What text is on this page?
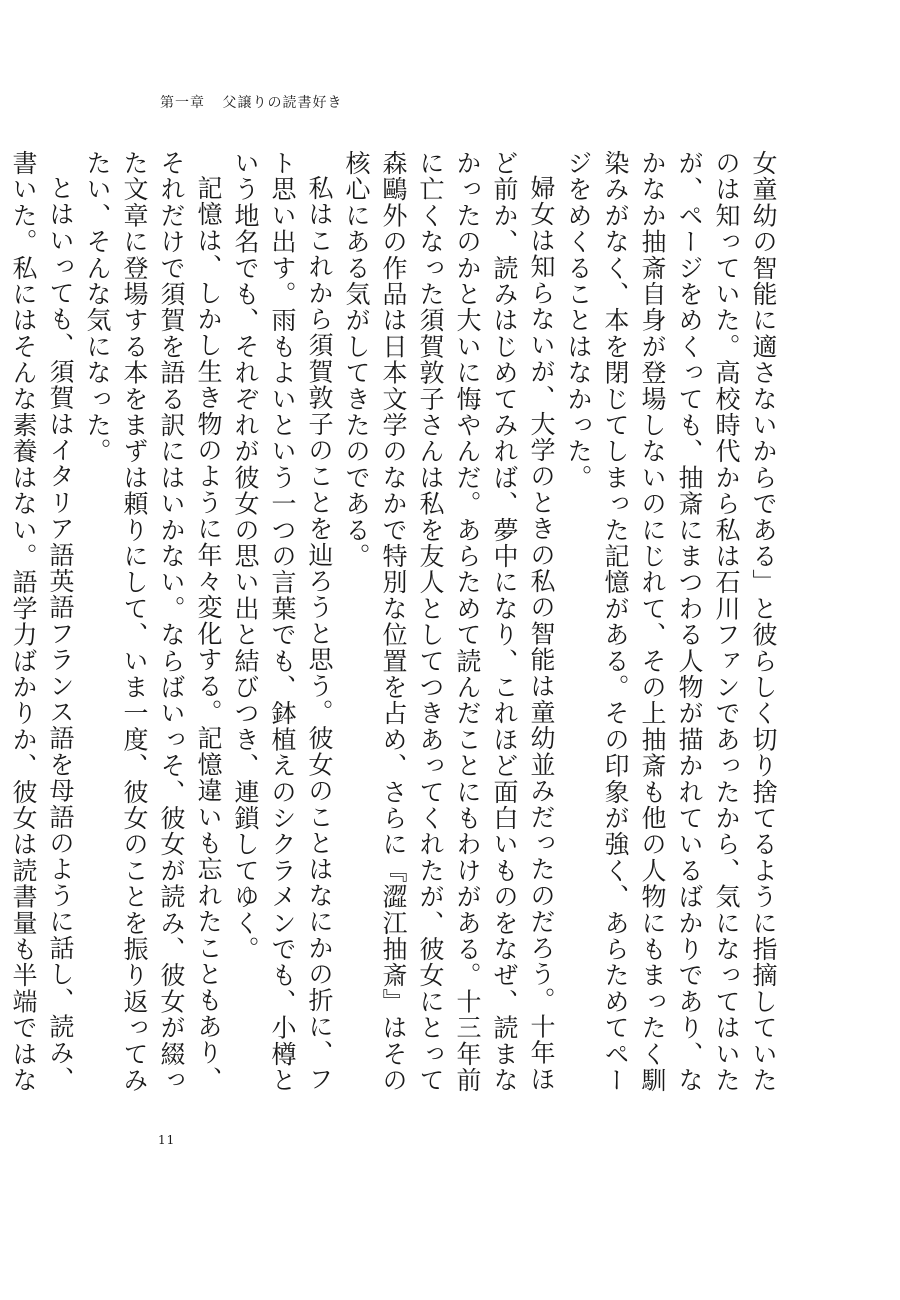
第一章 父譲りの読書好き

女童幼の智能に適さないからである」と彼らしく切り捨てるように指摘していたのは知っていた。高校時代から私は石川ファンであったから、気になってはいたが、ページをめくっても、抽斎にまつわる人物が描かれているばかりであり、なかなか抽斎自身が登場しないのにじれて、その上抽斎も他の人物にもまったく馴染みがなく、本を閉じてしまった記憶がある。その印象が強く、あらためてページをめくることはなかった。

婦女は知らないが、大学のときの私の智能は童幼並みだったのだろう。十年ほど前か、読みはじめてみれば、夢中になり、これほど面白いものをなぜ、読まなかったのかと大いに悔やんだ。あらためて読んだことにもわけがある。十三年前に亡くなった須賀敦子さんは私を友人としてつきあってくれたが、彼女にとって森鷗外の作品は日本文学のなかで特別な位置を占め、さらに『澀江抽斎』はその核心にある気がしてきたのである。

私はこれから須賀敦子のことを辿ろうと思う。彼女のことはなにかの折に、フト思い出す。雨もよいという一つの言葉でも、鉢植えのシクラメンでも、小樽という地名でも、それぞれが彼女の思い出と結びつき、連鎖してゆく。

記憶は、しかし生き物のように年々変化する。記憶違いも忘れたこともあり、それだけで須賀を語る訳にはいかない。ならばいっそ、彼女が読み、彼女が綴った文章に登場する本をまずは頼りにして、いま一度、彼女のことを振り返ってみたい、そんな気になった。

とはいっても、須賀はイタリア語英語フランス語を母語のように話し、読み、書いた。私にはそんな素養はない。語学力ばかりか、彼女は読書量も半端ではな

11
